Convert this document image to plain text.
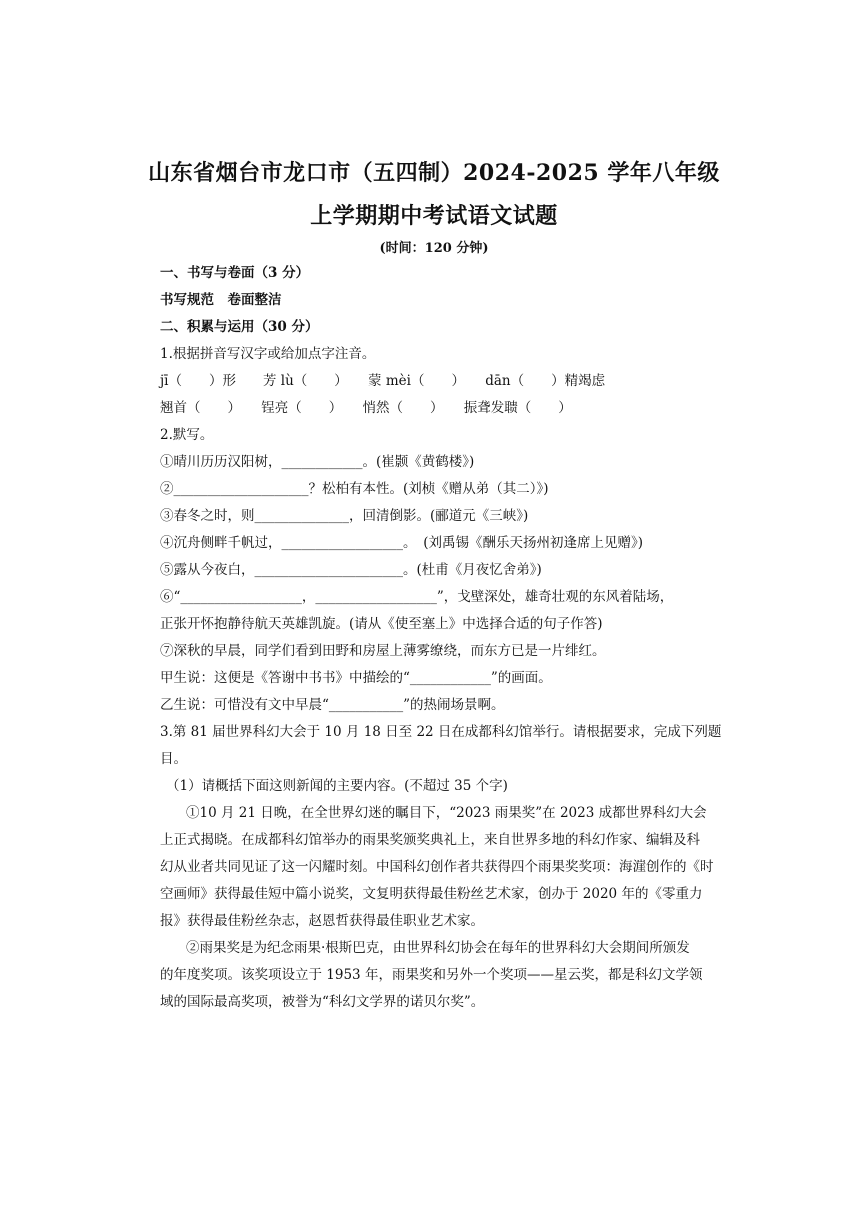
山东省烟台市龙口市（五四制）2024-2025 学年八年级
上学期期中考试语文试题
(时间：120 分钟)
一、书写与卷面（3 分）
书写规范　卷面整洁
二、积累与运用（30 分）
1.根据拼音写汉字或给加点字注音。
jī（　　）形　　芳 lù（　　）　　蒙 mèi（　　）　　dān（　　）精竭虑
翘首（　　）　　锃亮（　　）　　悄然（　　）　　振聋发聩（　　）
2.默写。
①晴川历历汉阳树，____________。(崔颢《黄鹤楼》)
②____________________？松柏有本性。(刘桢《赠从弟（其二）》)
③春冬之时，则______________，回清倒影。(郦道元《三峡》)
④沉舟侧畔千帆过，__________________。　(刘禹锡《酬乐天扬州初逢席上见赠》)
⑤露从今夜白，______________________。(杜甫《月夜忆舍弟》)
⑥“__________________，__________________”，戈壁深处，雄奇壮观的东风着陆场，
正张开怀抱静待航天英雄凯旋。(请从《使至塞上》中选择合适的句子作答)
⑦深秋的早晨，同学们看到田野和房屋上薄雾缭绕，而东方已是一片绯红。
甲生说：这便是《答谢中书书》中描绘的“____________”的画面。
乙生说：可惜没有文中早晨“___________”的热闹场景啊。
3.第 81 届世界科幻大会于 10 月 18 日至 22 日在成都科幻馆举行。请根据要求，完成下列题
目。
（1）请概括下面这则新闻的主要内容。(不超过 35 个字)
①10 月 21 日晚，在全世界幻迷的瞩目下，“2023 雨果奖”在 2023 成都世界科幻大会
上正式揭晓。在成都科幻馆举办的雨果奖颁奖典礼上，来自世界多地的科幻作家、编辑及科
幻从业者共同见证了这一闪耀时刻。中国科幻创作者共获得四个雨果奖奖项：海漄创作的《时
空画师》获得最佳短中篇小说奖，文复明获得最佳粉丝艺术家，创办于 2020 年的《零重力
报》获得最佳粉丝杂志，赵恩哲获得最佳职业艺术家。
②雨果奖是为纪念雨果·根斯巴克，由世界科幻协会在每年的世界科幻大会期间所颁发
的年度奖项。该奖项设立于 1953 年，雨果奖和另外一个奖项——星云奖，都是科幻文学领
域的国际最高奖项，被誉为“科幻文学界的诺贝尔奖”。
